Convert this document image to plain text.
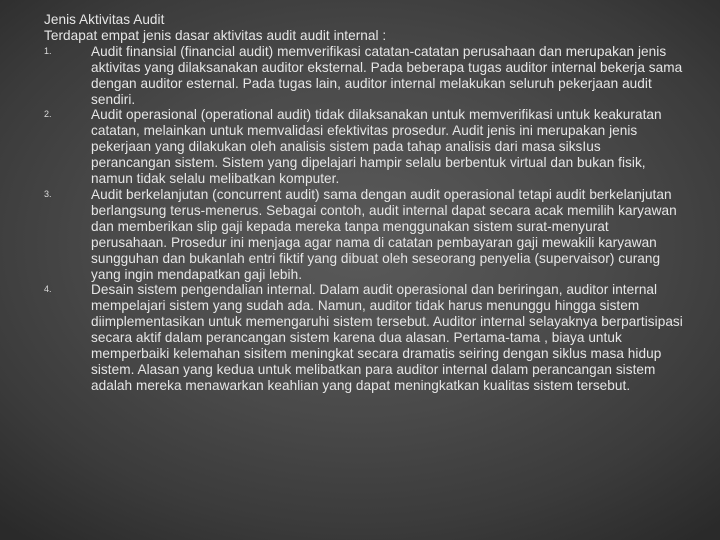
Jenis Aktivitas Audit

Terdapat empat jenis dasar aktivitas audit audit internal :

1.	Audit finansial (financial audit) memverifikasi catatan-catatan perusahaan dan merupakan jenis aktivitas yang dilaksanakan auditor eksternal. Pada beberapa tugas auditor internal bekerja sama dengan auditor esternal. Pada tugas lain, auditor internal melakukan seluruh pekerjaan audit sendiri.
2.	Audit operasional (operational audit) tidak dilaksanakan untuk memverifikasi untuk keakuratan catatan, melainkan untuk memvalidasi efektivitas prosedur. Audit jenis ini merupakan jenis pekerjaan yang dilakukan oleh analisis sistem pada tahap analisis dari masa siksIus perancangan sistem. Sistem yang dipelajari hampir selalu berbentuk virtual dan bukan fisik, namun tidak selalu melibatkan komputer.
3.	Audit berkelanjutan (concurrent audit) sama dengan audit operasional tetapi audit berkelanjutan berlangsung terus-menerus. Sebagai contoh, audit internal dapat secara acak memilih karyawan dan memberikan slip gaji kepada mereka tanpa menggunakan sistem surat-menyurat perusahaan. Prosedur ini menjaga agar nama di catatan pembayaran gaji mewakili karyawan sungguhan dan bukanlah entri fiktif yang dibuat oleh seseorang penyelia (supervaisor) curang yang ingin mendapatkan gaji lebih.
4.	Desain sistem pengendalian internal. Dalam audit operasional dan beriringan, auditor internal mempelajari sistem yang sudah ada. Namun, auditor tidak harus menunggu hingga sistem diimplementasikan untuk memengaruhi sistem tersebut. Auditor internal selayaknya berpartisipasi secara aktif dalam perancangan sistem karena dua alasan. Pertama-tama , biaya untuk memperbaiki kelemahan sisitem meningkat secara dramatis seiring dengan siklus masa hidup sistem. Alasan yang kedua untuk melibatkan para auditor internal dalam perancangan sistem adalah mereka menawarkan keahlian yang dapat meningkatkan kualitas sistem tersebut.
